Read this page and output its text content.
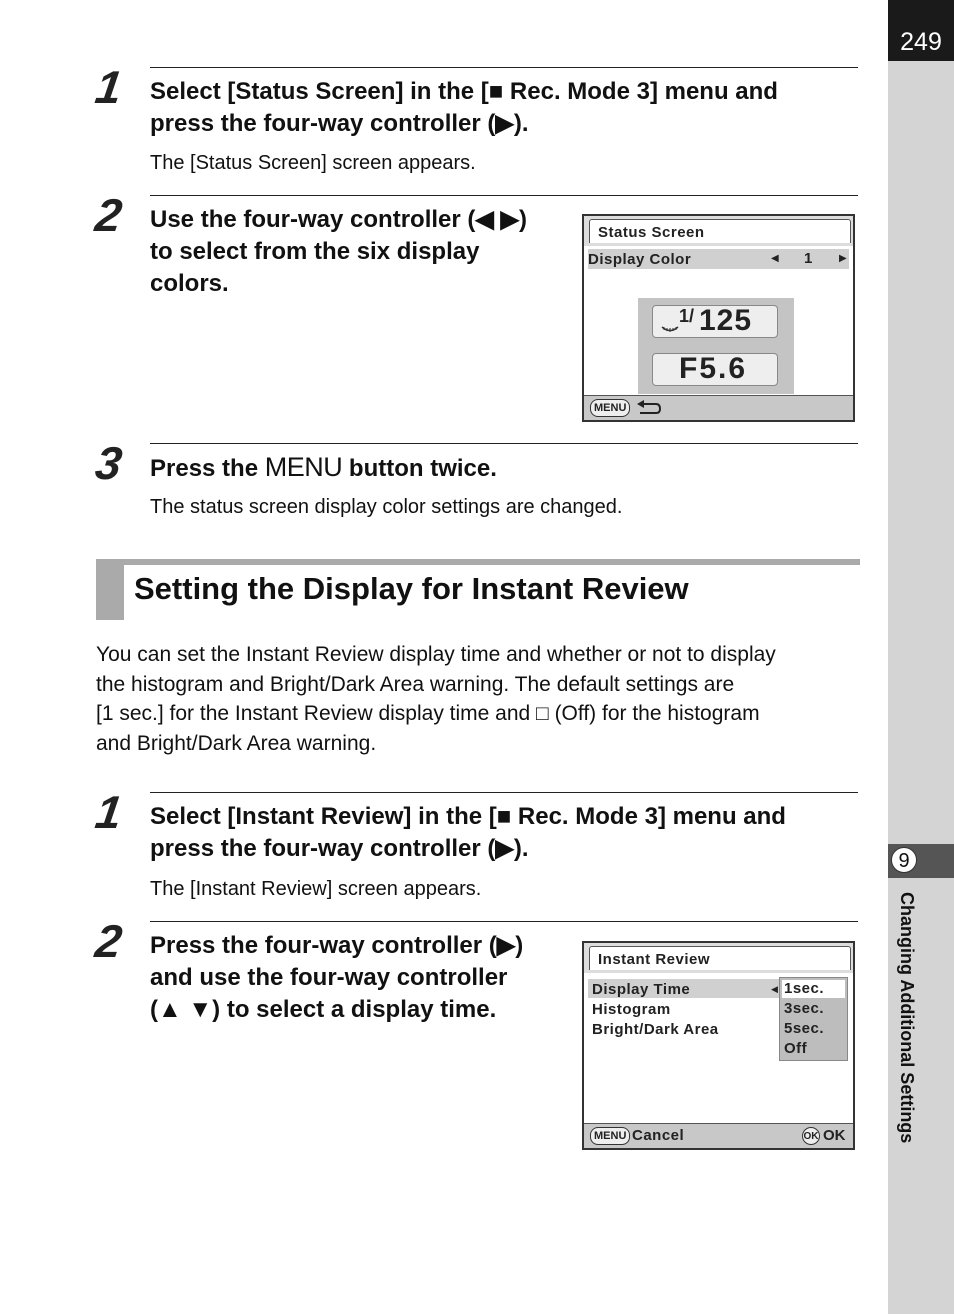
249
9
Changing Additional Settings
1 Select [Status Screen] in the [■ Rec. Mode 3] menu and
press the four-way controller (▶).
The [Status Screen] screen appears.
2 Use the four-way controller (◀ ▶)
to select from the six display
colors.
Status Screen
Display Color	◀ 1	▶
1/ 125
F5.6
MENU
3 Press the MENU button twice.
The status screen display color settings are changed.
Setting the Display for Instant Review
You can set the Instant Review display time and whether or not to display
the histogram and Bright/Dark Area warning. The default settings are
[1 sec.] for the Instant Review display time and □ (Off) for the histogram
and Bright/Dark Area warning.
1 Select [Instant Review] in the [■ Rec. Mode 3] menu and
press the four-way controller (▶).
The [Instant Review] screen appears.
2 Press the four-way controller (▶)
and use the four-way controller
(▲ ▼) to select a display time.
Instant Review
Display Time
Histogram
Bright/Dark Area
◀ 1sec.
3sec.
5sec.
Off
MENU Cancel	OK OK
